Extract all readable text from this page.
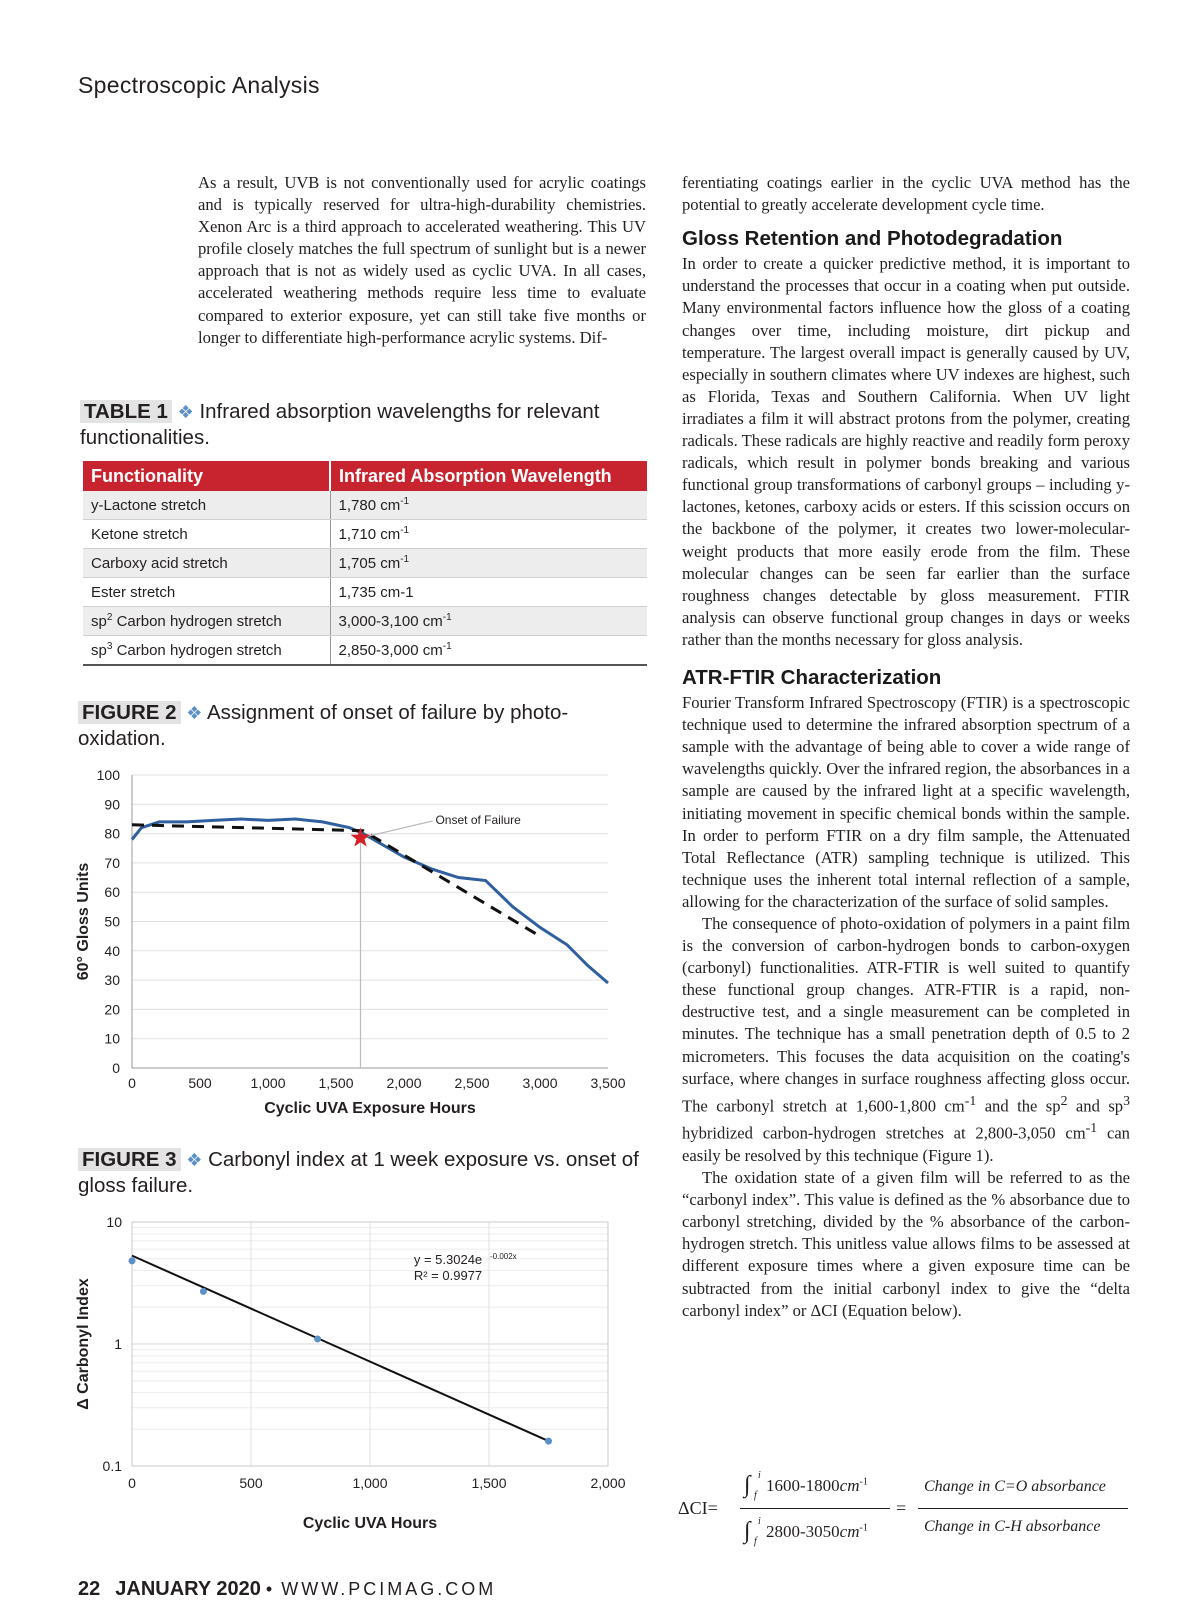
Spectroscopic Analysis

As a result, UVB is not conventionally used for acrylic coatings and is typically reserved for ultra-high-durability chemistries. Xenon Arc is a third approach to accelerated weathering. This UV profile closely matches the full spectrum of sunlight but is a newer approach that is not as widely used as cyclic UVA. In all cases, accelerated weathering methods require less time to evaluate compared to exterior exposure, yet can still take five months or longer to differentiate high-performance acrylic systems. Dif-

TABLE 1 ❖ Infrared absorption wavelengths for relevant functionalities.
Functionality	Infrared Absorption Wavelength
y-Lactone stretch	1,780 $cm^{-1}$
Ketone stretch	1,710 $cm^{-1}$
Carboxy acid stretch	1,705 $cm^{-1}$
Ester stretch	1,735 cm-1
$sp^2$ Carbon hydrogen stretch	3,000-3,100 $cm^{-1}$
$sp^3$ Carbon hydrogen stretch	2,850-3,000 $cm^{-1}$
FIGURE 2 ❖ Assignment of onset of failure by photo-oxidation.
0
10
20
30
40
50
60
70
80
90
100
0	500	1,000 1,500 2,000 2,500 3,000 3,500
Cyclic UVA Exposure Hours
60° Gloss Units
Onset of Failure
FIGURE 3 ❖ Carbonyl index at 1 week exposure vs. onset of gloss failure.
0.1
1
10
0	500	1,000	1,500	2,000
Cyclic UVA Hours
Δ Carbonyl Index
y = 5.3024e -0.002x
R² = 0.9977

ferentiating coatings earlier in the cyclic UVA method has the potential to greatly accelerate development cycle time.

Gloss Retention and Photodegradation

In order to create a quicker predictive method, it is important to understand the processes that occur in a coating when put outside. Many environmental factors influence how the gloss of a coating changes over time, including moisture, dirt pickup and temperature. The largest overall impact is generally caused by UV, especially in southern climates where UV indexes are highest, such as Florida, Texas and Southern California. When UV light irradiates a film it will abstract protons from the polymer, creating radicals. These radicals are highly reactive and readily form peroxy radicals, which result in polymer bonds breaking and various functional group transformations of carbonyl groups – including y-lactones, ketones, carboxy acids or esters. If this scission occurs on the backbone of the polymer, it creates two lower-molecular-weight products that more easily erode from the film. These molecular changes can be seen far earlier than the surface roughness changes detectable by gloss measurement. FTIR analysis can observe functional group changes in days or weeks rather than the months necessary for gloss analysis.

ATR-FTIR Characterization

Fourier Transform Infrared Spectroscopy (FTIR) is a spectroscopic technique used to determine the infrared absorption spectrum of a sample with the advantage of being able to cover a wide range of wavelengths quickly. Over the infrared region, the absorbances in a sample are caused by the infrared light at a specific wavelength, initiating movement in specific chemical bonds within the sample. In order to perform FTIR on a dry film sample, the Attenuated Total Reflectance (ATR) sampling technique is utilized. This technique uses the inherent total internal reflection of a sample, allowing for the characterization of the surface of solid samples.

The consequence of photo-oxidation of polymers in a paint film is the conversion of carbon-hydrogen bonds to carbon-oxygen (carbonyl) functionalities. ATR-FTIR is well suited to quantify these functional group changes. ATR-FTIR is a rapid, non-destructive test, and a single measurement can be completed in minutes. The technique has a small penetration depth of 0.5 to 2 micrometers. This focuses the data acquisition on the coating's surface, where changes in surface roughness affecting gloss occur. The carbonyl stretch at 1,600-1,800 $cm^{-1}$ and the $sp^2$ and $sp^3$ hybridized carbon-hydrogen stretches at 2,800-3,050 $cm^{-1}$ can easily be resolved by this technique (Figure 1).

The oxidation state of a given film will be referred to as the “carbonyl index”. This value is defined as the % absorbance due to carbonyl stretching, divided by the % absorbance of the carbon-hydrogen stretch. This unitless value allows films to be assessed at different exposure times where a given exposure time can be subtracted from the initial carbonyl index to give the “delta carbonyl index” or ΔCI (Equation below).

ΔCI=
∫ i
f
$1600-1800cm^{-1}$
∫ i
f
$2800-3050cm^{-1}$
=
Change in C=O absorbance
Change in C-H absorbance
22 JANUARY 2020 • WWW.PCIMAG.COM
